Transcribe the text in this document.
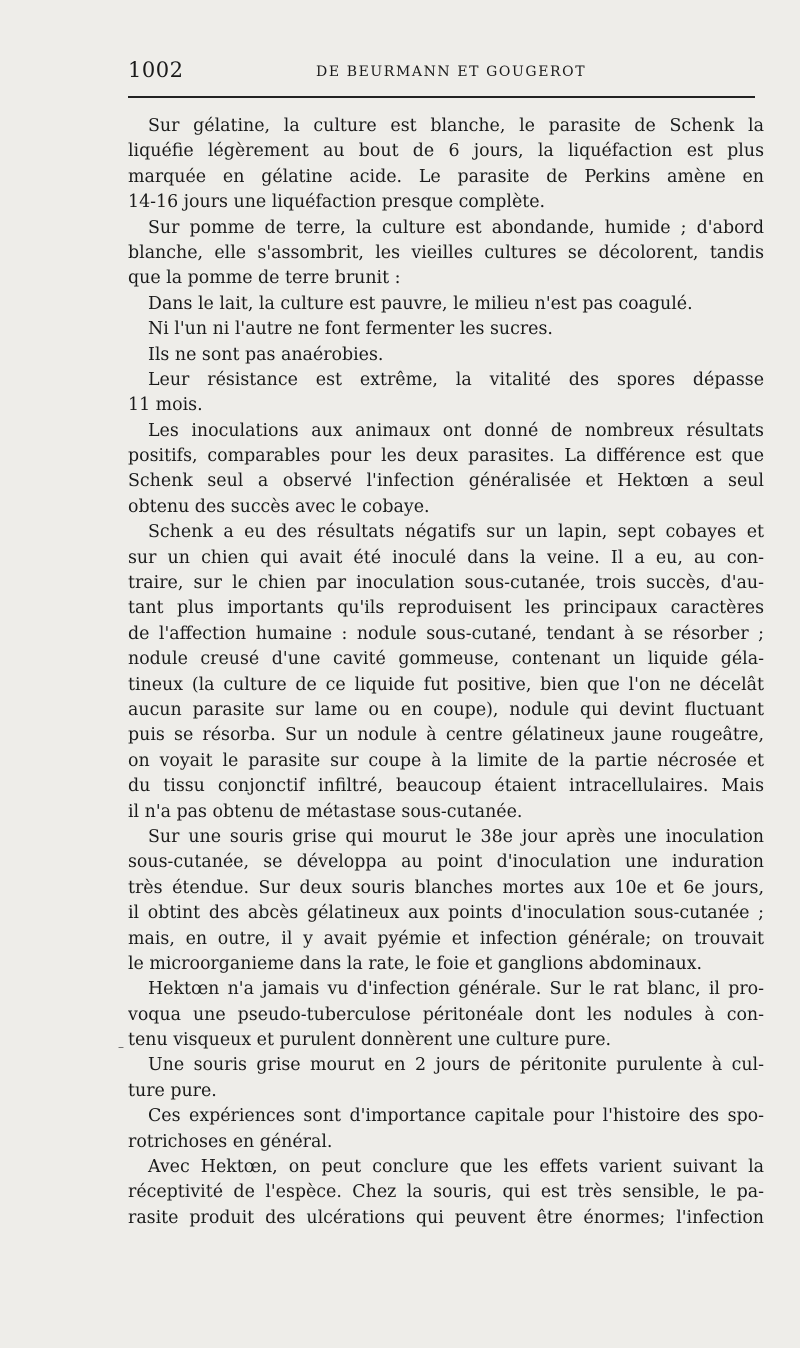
1002	DE BEURMANN ET GOUGEROT
Sur gélatine, la culture est blanche, le parasite de Schenk la
liquéfie légèrement au bout de 6 jours, la liquéfaction est plus
marquée en gélatine acide. Le parasite de Perkins amène en
14-16 jours une liquéfaction presque complète.
Sur pomme de terre, la culture est abondande, humide ; d'abord
blanche, elle s'assombrit, les vieilles cultures se décolorent, tandis
que la pomme de terre brunit :
Dans le lait, la culture est pauvre, le milieu n'est pas coagulé.
Ni l'un ni l'autre ne font fermenter les sucres.
Ils ne sont pas anaérobies.
Leur résistance est extrême, la vitalité des spores dépasse
11 mois.
Les inoculations aux animaux ont donné de nombreux résultats
positifs, comparables pour les deux parasites. La différence est que
Schenk seul a observé l'infection généralisée et Hektœn a seul
obtenu des succès avec le cobaye.
Schenk a eu des résultats négatifs sur un lapin, sept cobayes et
sur un chien qui avait été inoculé dans la veine. Il a eu, au con-
traire, sur le chien par inoculation sous-cutanée, trois succès, d'au-
tant plus importants qu'ils reproduisent les principaux caractères
de l'affection humaine : nodule sous-cutané, tendant à se résorber ;
nodule creusé d'une cavité gommeuse, contenant un liquide géla-
tineux (la culture de ce liquide fut positive, bien que l'on ne décelât
aucun parasite sur lame ou en coupe), nodule qui devint fluctuant
puis se résorba. Sur un nodule à centre gélatineux jaune rougeâtre,
on voyait le parasite sur coupe à la limite de la partie nécrosée et
du tissu conjonctif infiltré, beaucoup étaient intracellulaires. Mais
il n'a pas obtenu de métastase sous-cutanée.
Sur une souris grise qui mourut le 38e jour après une inoculation
sous-cutanée, se développa au point d'inoculation une induration
très étendue. Sur deux souris blanches mortes aux 10e et 6e jours,
il obtint des abcès gélatineux aux points d'inoculation sous-cutanée ;
mais, en outre, il y avait pyémie et infection générale; on trouvait
le microorganieme dans la rate, le foie et ganglions abdominaux.
Hektœn n'a jamais vu d'infection générale. Sur le rat blanc, il pro-
voqua une pseudo-tuberculose péritonéale dont les nodules à con-
tenu visqueux et purulent donnèrent une culture pure.
Une souris grise mourut en 2 jours de péritonite purulente à cul-
ture pure.
Ces expériences sont d'importance capitale pour l'histoire des spo-
rotrichoses en général.
Avec Hektœn, on peut conclure que les effets varient suivant la
réceptivité de l'espèce. Chez la souris, qui est très sensible, le pa-
rasite produit des ulcérations qui peuvent être énormes; l'infection
–
